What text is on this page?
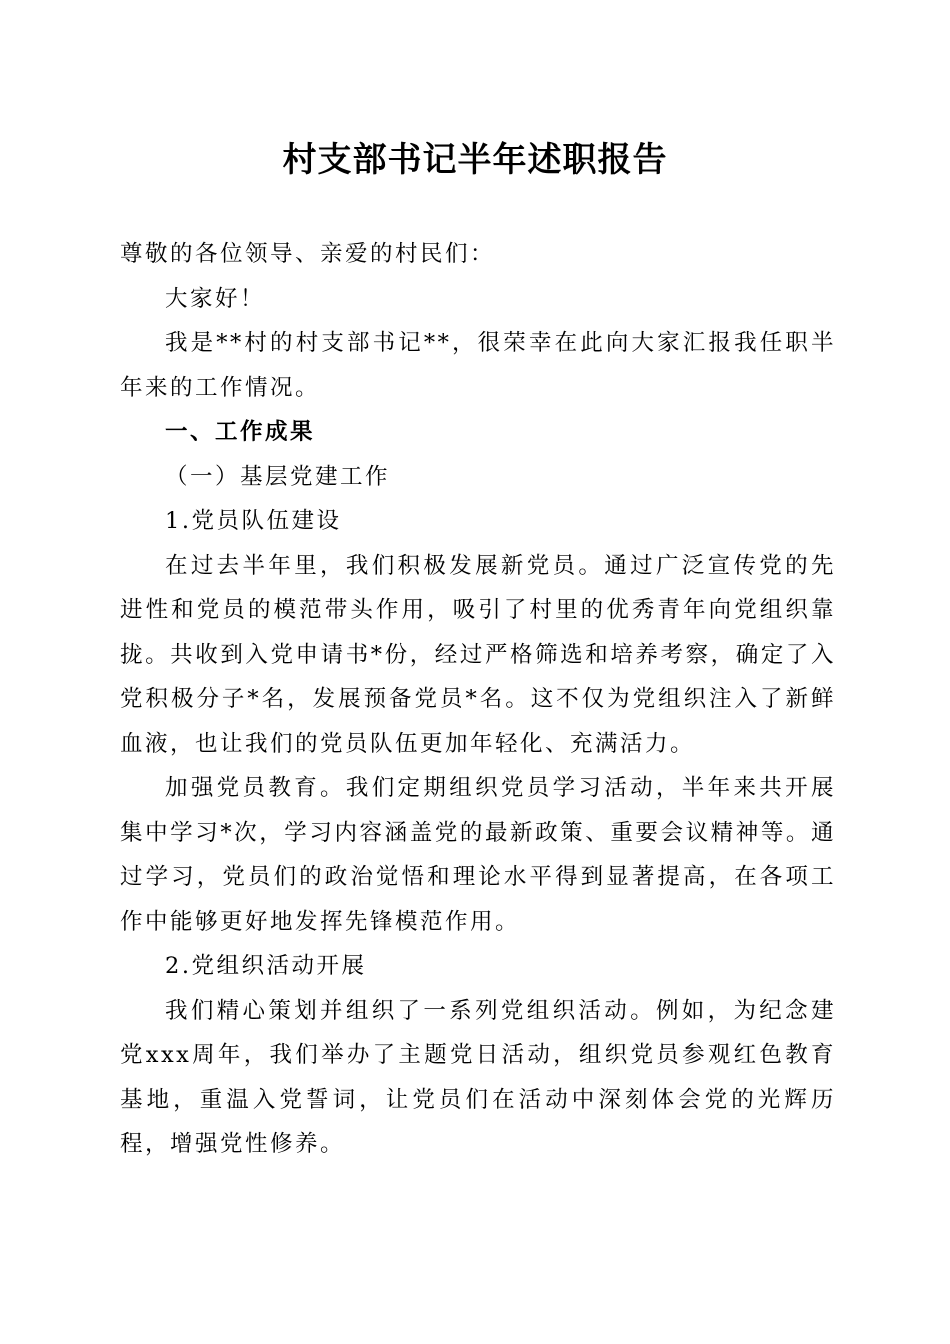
村支部书记半年述职报告

尊敬的各位领导、亲爱的村民们：

大家好！

我是**村的村支部书记**，很荣幸在此向大家汇报我任职半年来的工作情况。

一、工作成果

（一）基层党建工作

1.党员队伍建设

在过去半年里，我们积极发展新党员。通过广泛宣传党的先进性和党员的模范带头作用，吸引了村里的优秀青年向党组织靠拢。共收到入党申请书*份，经过严格筛选和培养考察，确定了入党积极分子*名，发展预备党员*名。这不仅为党组织注入了新鲜血液，也让我们的党员队伍更加年轻化、充满活力。

加强党员教育。我们定期组织党员学习活动，半年来共开展集中学习*次，学习内容涵盖党的最新政策、重要会议精神等。通过学习，党员们的政治觉悟和理论水平得到显著提高，在各项工作中能够更好地发挥先锋模范作用。

2.党组织活动开展

我们精心策划并组织了一系列党组织活动。例如，为纪念建党xxx周年，我们举办了主题党日活动，组织党员参观红色教育基地，重温入党誓词，让党员们在活动中深刻体会党的光辉历程，增强党性修养。
